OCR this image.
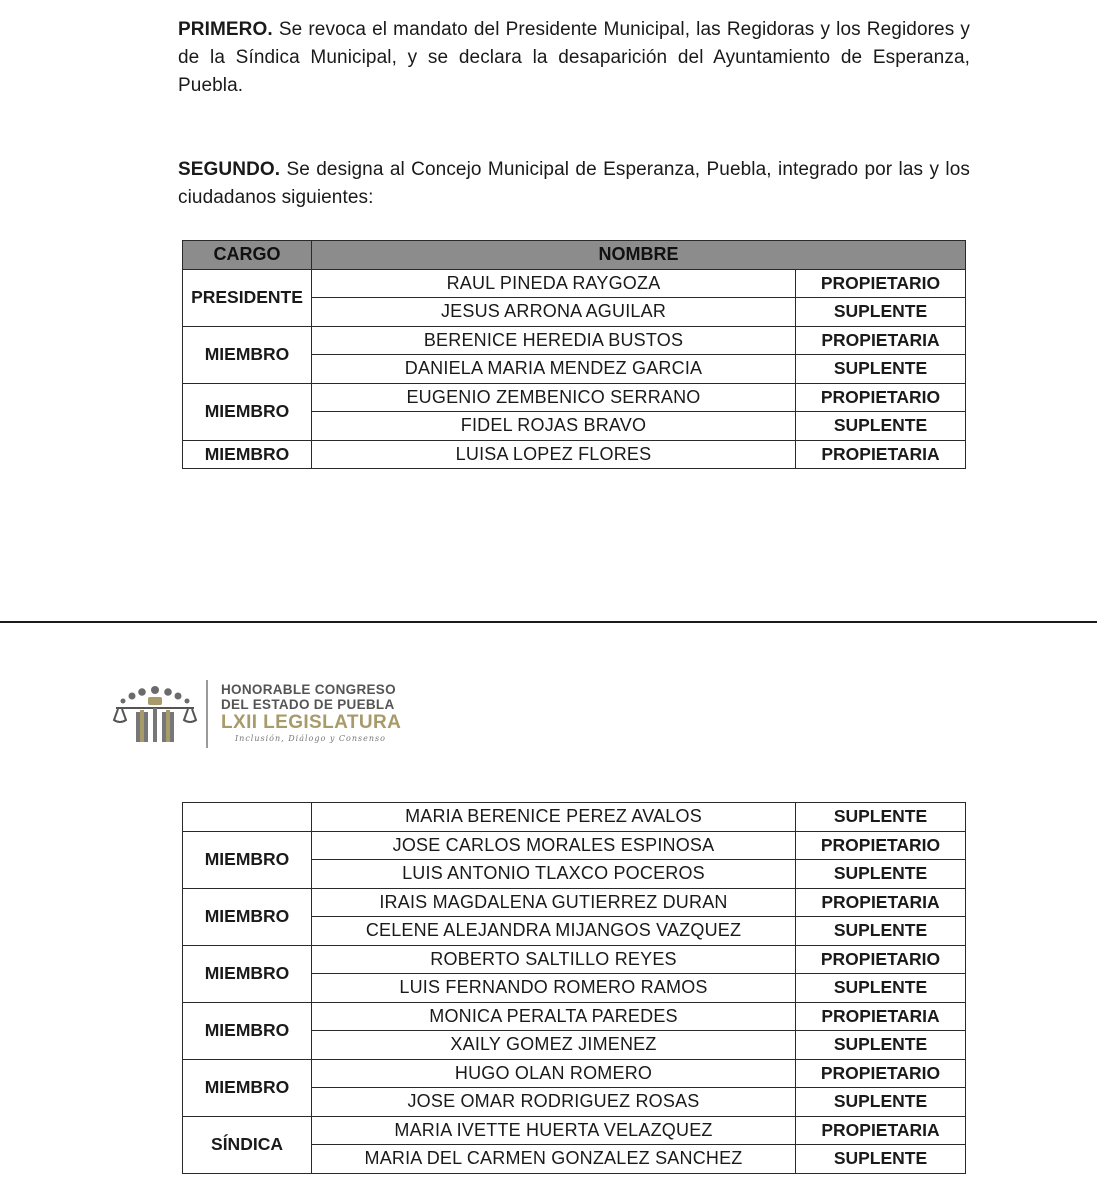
PRIMERO. Se revoca el mandato del Presidente Municipal, las Regidoras y los Regidores y de la Síndica Municipal, y se declara la desaparición del Ayuntamiento de Esperanza, Puebla.

SEGUNDO. Se designa al Concejo Municipal de Esperanza, Puebla, integrado por las y los ciudadanos siguientes:

CARGO	NOMBRE	
PRESIDENTE	RAUL PINEDA RAYGOZA	PROPIETARIO
	JESUS ARRONA AGUILAR	SUPLENTE
MIEMBRO	BERENICE HEREDIA BUSTOS	PROPIETARIA
	DANIELA MARIA MENDEZ GARCIA	SUPLENTE
MIEMBRO	EUGENIO ZEMBENICO SERRANO	PROPIETARIO
	FIDEL ROJAS BRAVO	SUPLENTE
MIEMBRO	LUISA LOPEZ FLORES	PROPIETARIA
HONORABLE CONGRESO
DEL ESTADO DE PUEBLA
LXII LEGISLATURA
Inclusión, Diálogo y Consenso
	MARIA BERENICE PEREZ AVALOS	SUPLENTE
MIEMBRO	JOSE CARLOS MORALES ESPINOSA	PROPIETARIO
	LUIS ANTONIO TLAXCO POCEROS	SUPLENTE
MIEMBRO	IRAIS MAGDALENA GUTIERREZ DURAN	PROPIETARIA
	CELENE ALEJANDRA MIJANGOS VAZQUEZ	SUPLENTE
MIEMBRO	ROBERTO SALTILLO REYES	PROPIETARIO
	LUIS FERNANDO ROMERO RAMOS	SUPLENTE
MIEMBRO	MONICA PERALTA PAREDES	PROPIETARIA
	XAILY GOMEZ JIMENEZ	SUPLENTE
MIEMBRO	HUGO OLAN ROMERO	PROPIETARIO
	JOSE OMAR RODRIGUEZ ROSAS	SUPLENTE
SÍNDICA	MARIA IVETTE HUERTA VELAZQUEZ	PROPIETARIA
	MARIA DEL CARMEN GONZALEZ SANCHEZ	SUPLENTE
